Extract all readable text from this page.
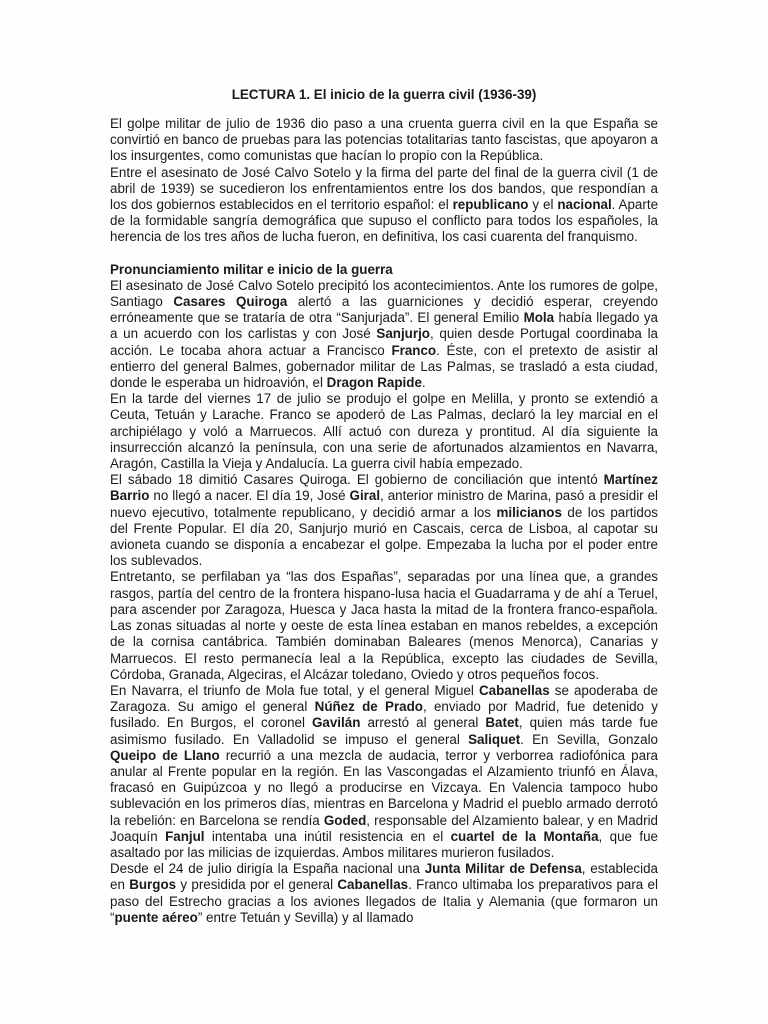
LECTURA 1. El inicio de la guerra civil (1936-39)

El golpe militar de julio de 1936 dio paso a una cruenta guerra civil en la que España se convirtió en banco de pruebas para las potencias totalitarias tanto fascistas, que apoyaron a los insurgentes, como comunistas que hacían lo propio con la República.

Entre el asesinato de José Calvo Sotelo y la firma del parte del final de la guerra civil (1 de abril de 1939) se sucedieron los enfrentamientos entre los dos bandos, que respondían a los dos gobiernos establecidos en el territorio español: el republicano y el nacional. Aparte de la formidable sangría demográfica que supuso el conflicto para todos los españoles, la herencia de los tres años de lucha fueron, en definitiva, los casi cuarenta del franquismo.

Pronunciamiento militar e inicio de la guerra

El asesinato de José Calvo Sotelo precipitó los acontecimientos. Ante los rumores de golpe, Santiago Casares Quiroga alertó a las guarniciones y decidió esperar, creyendo erróneamente que se trataría de otra “Sanjurjada”. El general Emilio Mola había llegado ya a un acuerdo con los carlistas y con José Sanjurjo, quien desde Portugal coordinaba la acción. Le tocaba ahora actuar a Francisco Franco. Éste, con el pretexto de asistir al entierro del general Balmes, gobernador militar de Las Palmas, se trasladó a esta ciudad, donde le esperaba un hidroavión, el Dragon Rapide.

En la tarde del viernes 17 de julio se produjo el golpe en Melilla, y pronto se extendió a Ceuta, Tetuán y Larache. Franco se apoderó de Las Palmas, declaró la ley marcial en el archipiélago y voló a Marruecos. Allí actuó con dureza y prontitud. Al día siguiente la insurrección alcanzó la península, con una serie de afortunados alzamientos en Navarra, Aragón, Castilla la Vieja y Andalucía. La guerra civil había empezado.

El sábado 18 dimitió Casares Quiroga. El gobierno de conciliación que intentó Martínez Barrio no llegó a nacer. El día 19, José Giral, anterior ministro de Marina, pasó a presidir el nuevo ejecutivo, totalmente republicano, y decidió armar a los milicianos de los partidos del Frente Popular. El día 20, Sanjurjo murió en Cascais, cerca de Lisboa, al capotar su avioneta cuando se disponía a encabezar el golpe. Empezaba la lucha por el poder entre los sublevados.

Entretanto, se perfilaban ya “las dos Españas”, separadas por una línea que, a grandes rasgos, partía del centro de la frontera hispano-lusa hacia el Guadarrama y de ahí a Teruel, para ascender por Zaragoza, Huesca y Jaca hasta la mitad de la frontera franco-española. Las zonas situadas al norte y oeste de esta línea estaban en manos rebeldes, a excepción de la cornisa cantábrica. También dominaban Baleares (menos Menorca), Canarias y Marruecos. El resto permanecía leal a la República, excepto las ciudades de Sevilla, Córdoba, Granada, Algeciras, el Alcázar toledano, Oviedo y otros pequeños focos.

En Navarra, el triunfo de Mola fue total, y el general Miguel Cabanellas se apoderaba de Zaragoza. Su amigo el general Núñez de Prado, enviado por Madrid, fue detenido y fusilado. En Burgos, el coronel Gavilán arrestó al general Batet, quien más tarde fue asimismo fusilado. En Valladolid se impuso el general Saliquet. En Sevilla, Gonzalo Queipo de Llano recurrió a una mezcla de audacia, terror y verborrea radiofónica para anular al Frente popular en la región. En las Vascongadas el Alzamiento triunfó en Álava, fracasó en Guipúzcoa y no llegó a producirse en Vizcaya. En Valencia tampoco hubo sublevación en los primeros días, mientras en Barcelona y Madrid el pueblo armado derrotó la rebelión: en Barcelona se rendía Goded, responsable del Alzamiento balear, y en Madrid Joaquín Fanjul intentaba una inútil resistencia en el cuartel de la Montaña, que fue asaltado por las milicias de izquierdas. Ambos militares murieron fusilados.

Desde el 24 de julio dirigía la España nacional una Junta Militar de Defensa, establecida en Burgos y presidida por el general Cabanellas. Franco ultimaba los preparativos para el paso del Estrecho gracias a los aviones llegados de Italia y Alemania (que formaron un “puente aéreo” entre Tetuán y Sevilla) y al llamado
